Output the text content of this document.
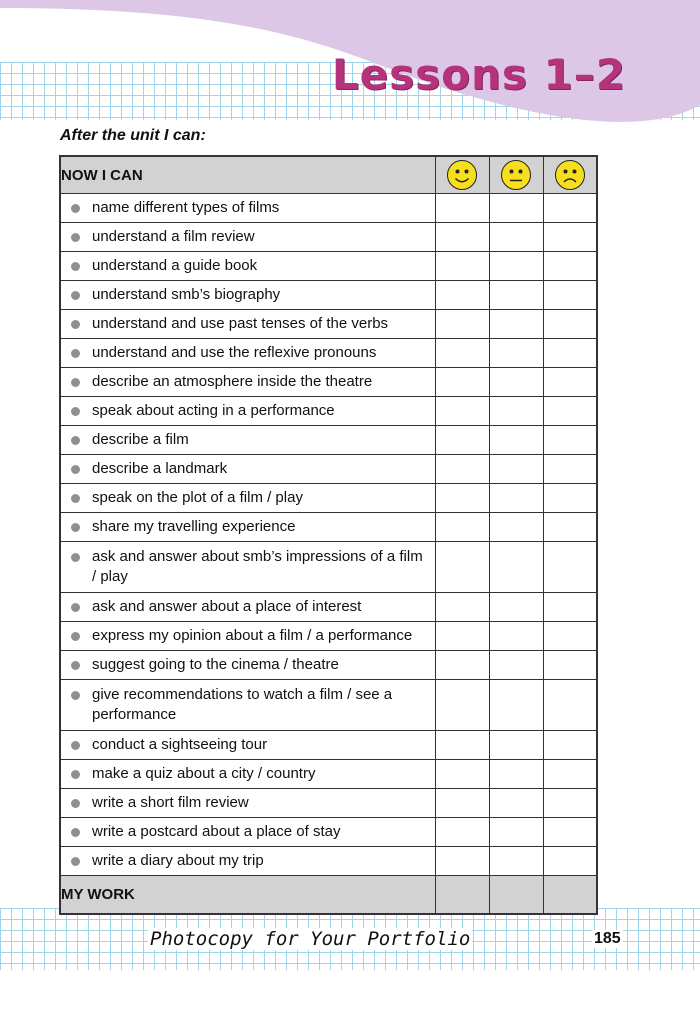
Lessons 1–2

After the unit I can:

NOW I CAN	

name different types of films			

understand a film review			

understand a guide book			

understand smb’s biography			

understand and use past tenses of the verbs			

understand and use the reflexive pronouns			

describe an atmosphere inside the theatre			

speak about acting in a performance			

describe a film			

describe a landmark			

speak on the plot of a film / play			

share my travelling experience			

ask and answer about smb’s impressions of a film / play			

ask and answer about a place of interest			

express my opinion about a film / a performance			

suggest going to the cinema / theatre			

give recommendations to watch a film / see a performance			

conduct a sightseeing tour			

make a quiz about a city / country			

write a short film review			

write a postcard about a place of stay			

write a diary about my trip			

MY WORK			

Photocopy for Your Portfolio	185
